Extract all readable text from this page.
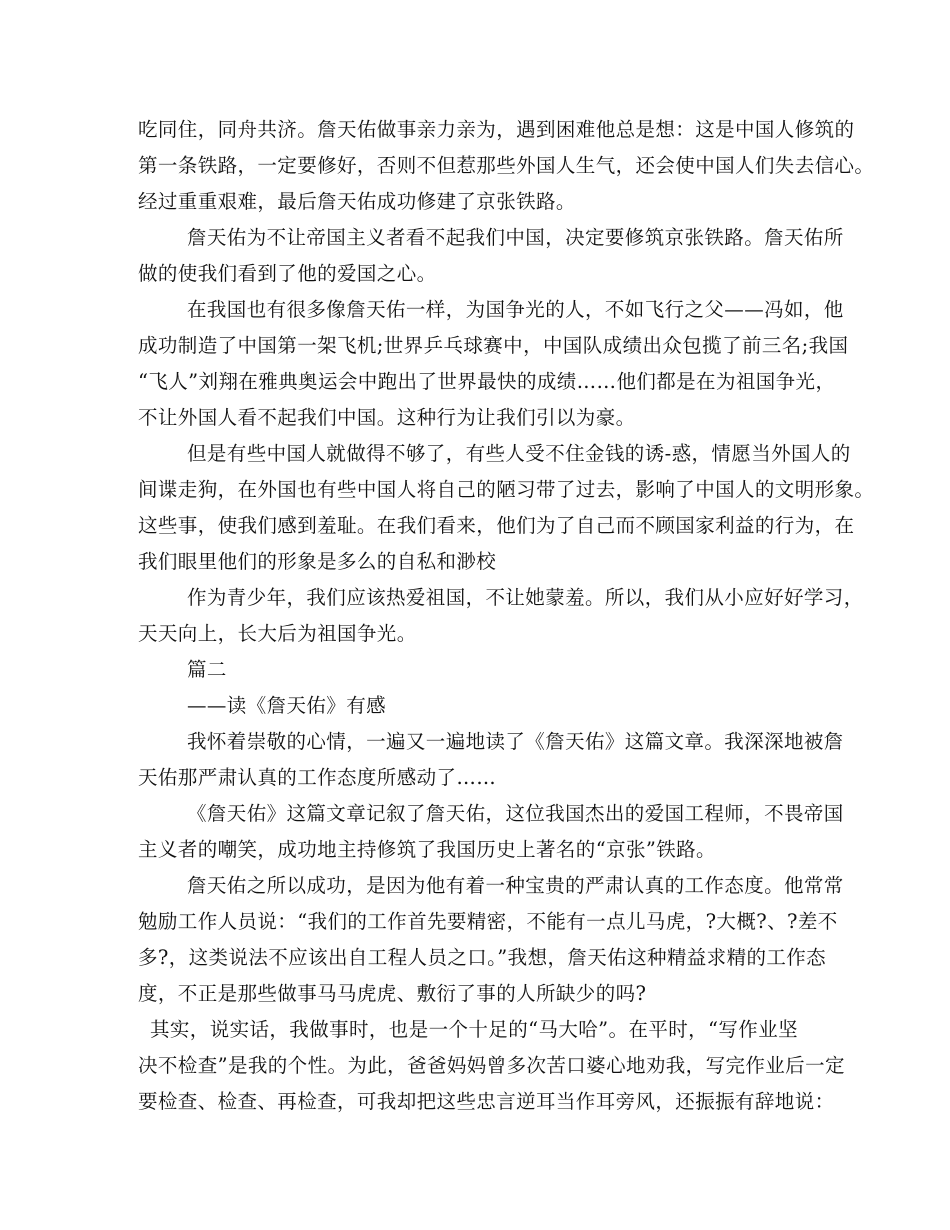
吃同住，同舟共济。詹天佑做事亲力亲为，遇到困难他总是想：这是中国人修筑的
第一条铁路，一定要修好，否则不但惹那些外国人生气，还会使中国人们失去信心。
经过重重艰难，最后詹天佑成功修建了京张铁路。
詹天佑为不让帝国主义者看不起我们中国，决定要修筑京张铁路。詹天佑所
做的使我们看到了他的爱国之心。
在我国也有很多像詹天佑一样，为国争光的人，不如飞行之父——冯如，他
成功制造了中国第一架飞机;世界乒乓球赛中，中国队成绩出众包揽了前三名;我国
“飞人”刘翔在雅典奥运会中跑出了世界最快的成绩……他们都是在为祖国争光，
不让外国人看不起我们中国。这种行为让我们引以为豪。
但是有些中国人就做得不够了，有些人受不住金钱的诱-惑，情愿当外国人的
间谍走狗，在外国也有些中国人将自己的陋习带了过去，影响了中国人的文明形象。
这些事，使我们感到羞耻。在我们看来，他们为了自己而不顾国家利益的行为，在
我们眼里他们的形象是多么的自私和渺校
作为青少年，我们应该热爱祖国，不让她蒙羞。所以，我们从小应好好学习，
天天向上，长大后为祖国争光。
篇二
——读《詹天佑》有感
我怀着崇敬的心情，一遍又一遍地读了《詹天佑》这篇文章。我深深地被詹
天佑那严肃认真的工作态度所感动了……
《詹天佑》这篇文章记叙了詹天佑，这位我国杰出的爱国工程师，不畏帝国
主义者的嘲笑，成功地主持修筑了我国历史上著名的“京张”铁路。
詹天佑之所以成功，是因为他有着一种宝贵的严肃认真的工作态度。他常常
勉励工作人员说：“我们的工作首先要精密，不能有一点儿马虎，?大概?、?差不
多?，这类说法不应该出自工程人员之口。”我想，詹天佑这种精益求精的工作态
度，不正是那些做事马马虎虎、敷衍了事的人所缺少的吗?
其实，说实话，我做事时，也是一个十足的“马大哈”。在平时，“写作业坚
决不检查”是我的个性。为此，爸爸妈妈曾多次苦口婆心地劝我，写完作业后一定
要检查、检查、再检查，可我却把这些忠言逆耳当作耳旁风，还振振有辞地说：
